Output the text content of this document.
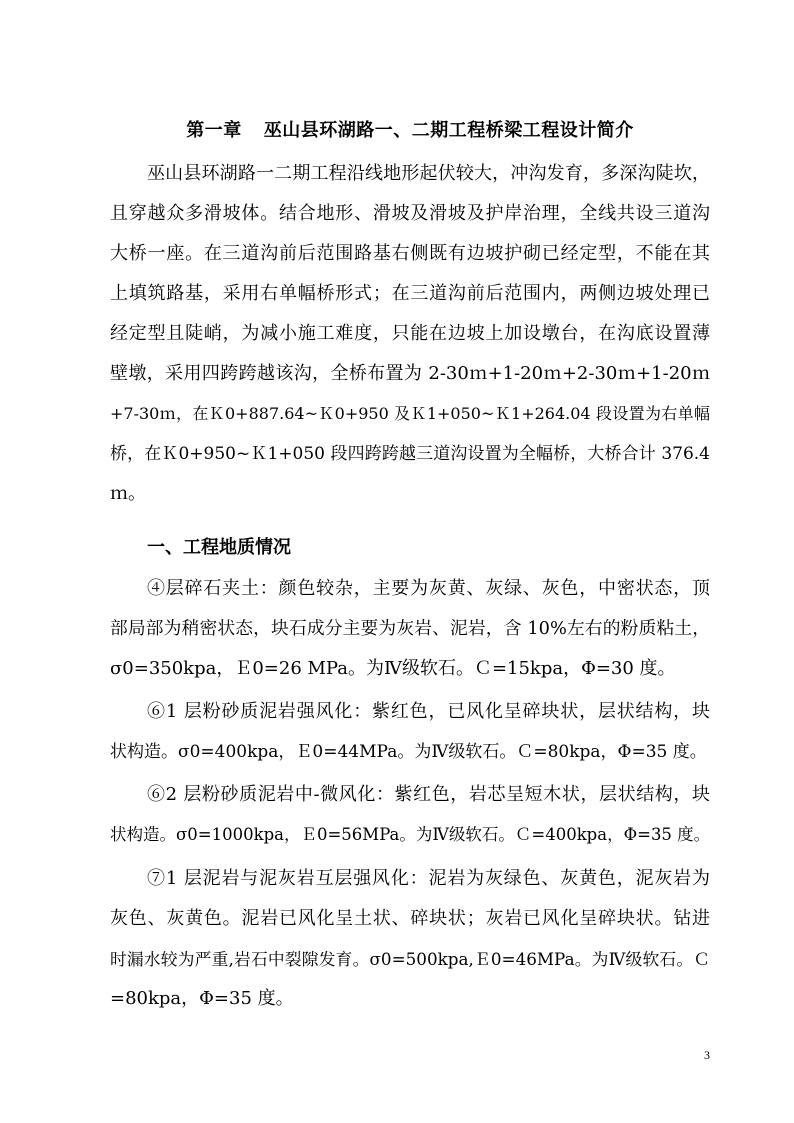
第一章 巫山县环湖路一、二期工程桥梁工程设计简介
巫山县环湖路一二期工程沿线地形起伏较大，冲沟发育，多深沟陡坎，
且穿越众多滑坡体。结合地形、滑坡及滑坡及护岸治理，全线共设三道沟
大桥一座。在三道沟前后范围路基右侧既有边坡护砌已经定型，不能在其
上填筑路基，采用右单幅桥形式；在三道沟前后范围内，两侧边坡处理已
经定型且陡峭，为减小施工难度，只能在边坡上加设墩台，在沟底设置薄
壁墩，采用四跨跨越该沟，全桥布置为 2-30ｍ+1-20ｍ+2-30ｍ+1-20ｍ
+7-30ｍ，在Ｋ0+887.64~Ｋ0+950 及Ｋ1+050~Ｋ1+264.04 段设置为右单幅
桥，在Ｋ0+950~Ｋ1+050 段四跨跨越三道沟设置为全幅桥，大桥合计 376.4
ｍ。
一、工程地质情况
④层碎石夹土：颜色较杂，主要为灰黄、灰绿、灰色，中密状态，顶
部局部为稍密状态，块石成分主要为灰岩、泥岩，含 10%左右的粉质粘土，
σ0=350kpa，Ｅ0=26 MPa。为Ⅳ级软石。Ｃ=15kpa，Φ=30 度。
⑥1 层粉砂质泥岩强风化：紫红色，已风化呈碎块状，层状结构，块
状构造。σ0=400kpa，Ｅ0=44MPa。为Ⅳ级软石。Ｃ=80kpa，Φ=35 度。
⑥2 层粉砂质泥岩中-微风化：紫红色，岩芯呈短木状，层状结构，块
状构造。σ0=1000kpa，Ｅ0=56MPa。为Ⅳ级软石。Ｃ=400kpa，Φ=35 度。
⑦1 层泥岩与泥灰岩互层强风化：泥岩为灰绿色、灰黄色，泥灰岩为
灰色、灰黄色。泥岩已风化呈土状、碎块状；灰岩已风化呈碎块状。钻进
时漏水较为严重,岩石中裂隙发育。σ0=500kpa,Ｅ0=46MPa。为Ⅳ级软石。Ｃ
=80kpa，Φ=35 度。
3
